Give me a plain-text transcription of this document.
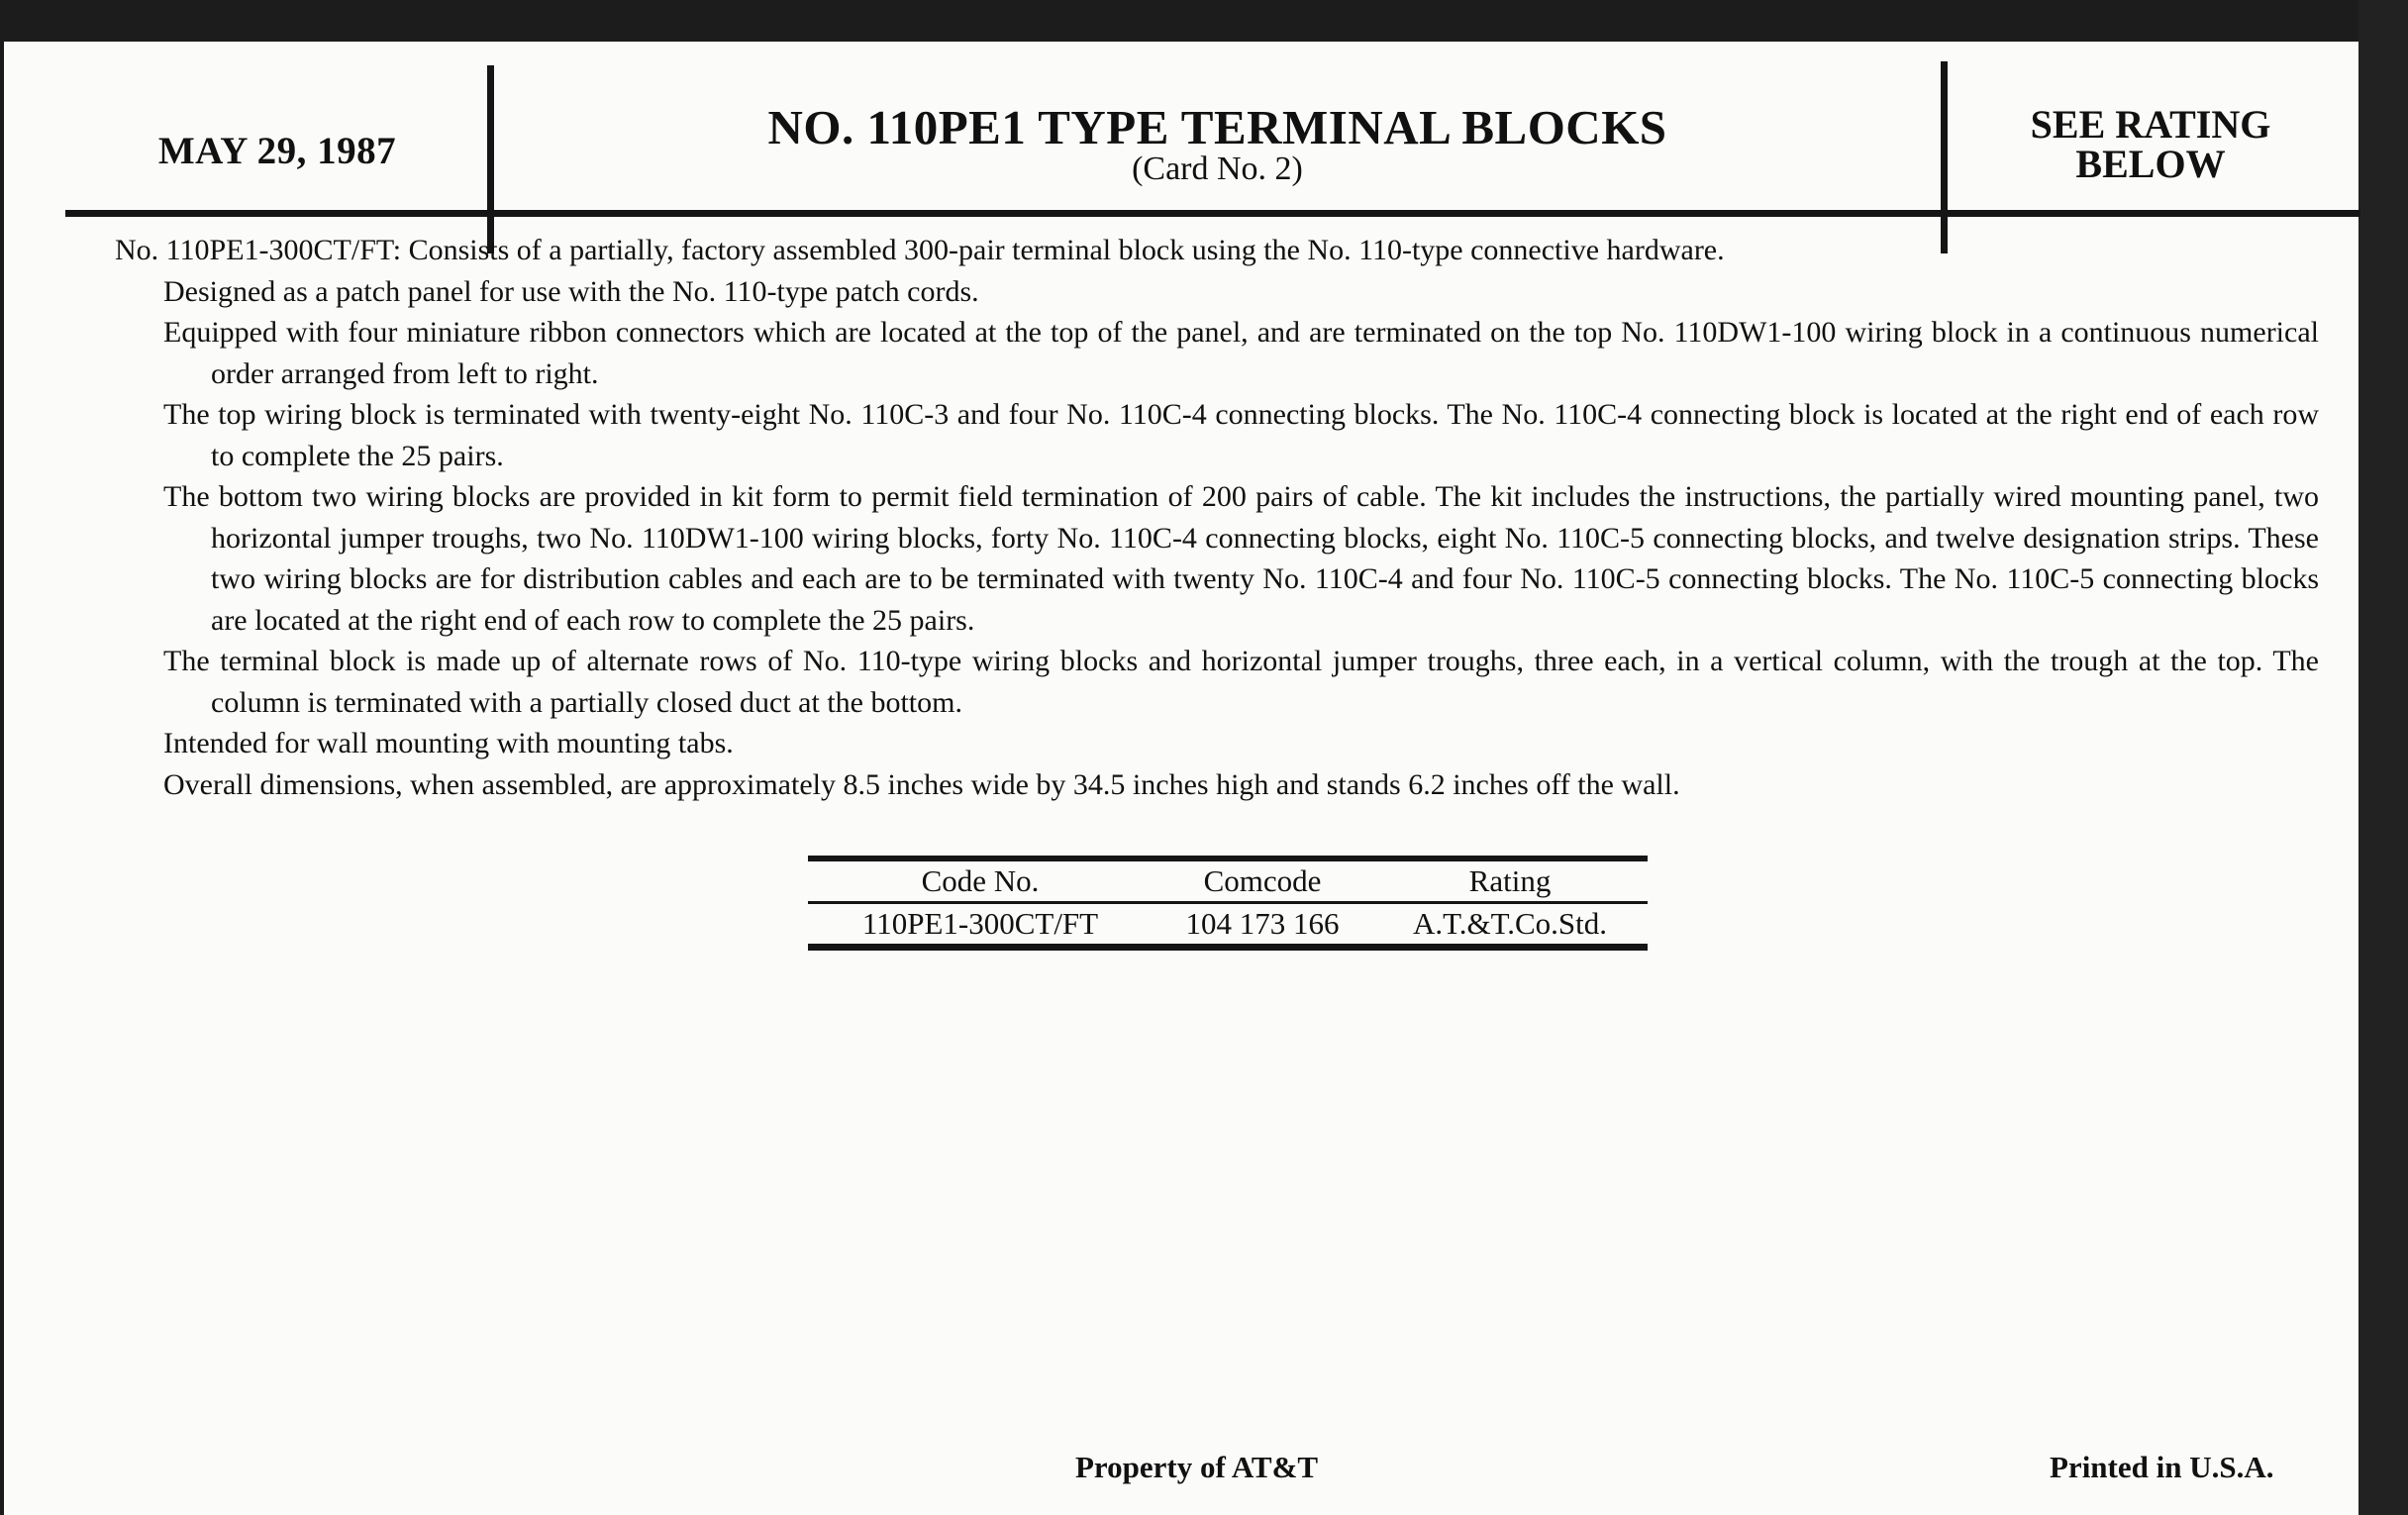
MAY 29, 1987	NO. 110PE1 TYPE TERMINAL BLOCKS
(Card No. 2)
SEE RATING
BELOW

No. 110PE1-300CT/FT: Consists of a partially, factory assembled 300-pair terminal block using the No. 110-type connective hardware.

Designed as a patch panel for use with the No. 110-type patch cords.

Equipped with four miniature ribbon connectors which are located at the top of the panel, and are terminated on the top No. 110DW1-100 wiring block in a continuous numerical order arranged from left to right.

The top wiring block is terminated with twenty-eight No. 110C-3 and four No. 110C-4 connecting blocks. The No. 110C-4 connecting block is located at the right end of each row to complete the 25 pairs.

The bottom two wiring blocks are provided in kit form to permit field termination of 200 pairs of cable. The kit includes the instructions, the partially wired mounting panel, two horizontal jumper troughs, two No. 110DW1-100 wiring blocks, forty No. 110C-4 connecting blocks, eight No. 110C-5 connecting blocks, and twelve designation strips. These two wiring blocks are for distribution cables and each are to be terminated with twenty No. 110C-4 and four No. 110C-5 connecting blocks. The No. 110C-5 connecting blocks are located at the right end of each row to complete the 25 pairs.

The terminal block is made up of alternate rows of No. 110-type wiring blocks and horizontal jumper troughs, three each, in a vertical column, with the trough at the top. The column is terminated with a partially closed duct at the bottom.

Intended for wall mounting with mounting tabs.

Overall dimensions, when assembled, are approximately 8.5 inches wide by 34.5 inches high and stands 6.2 inches off the wall.

Code No.	Comcode	Rating
110PE1-300CT/FT	104 173 166	A.T.&T.Co.Std.
Property of AT&T	Printed in U.S.A.
